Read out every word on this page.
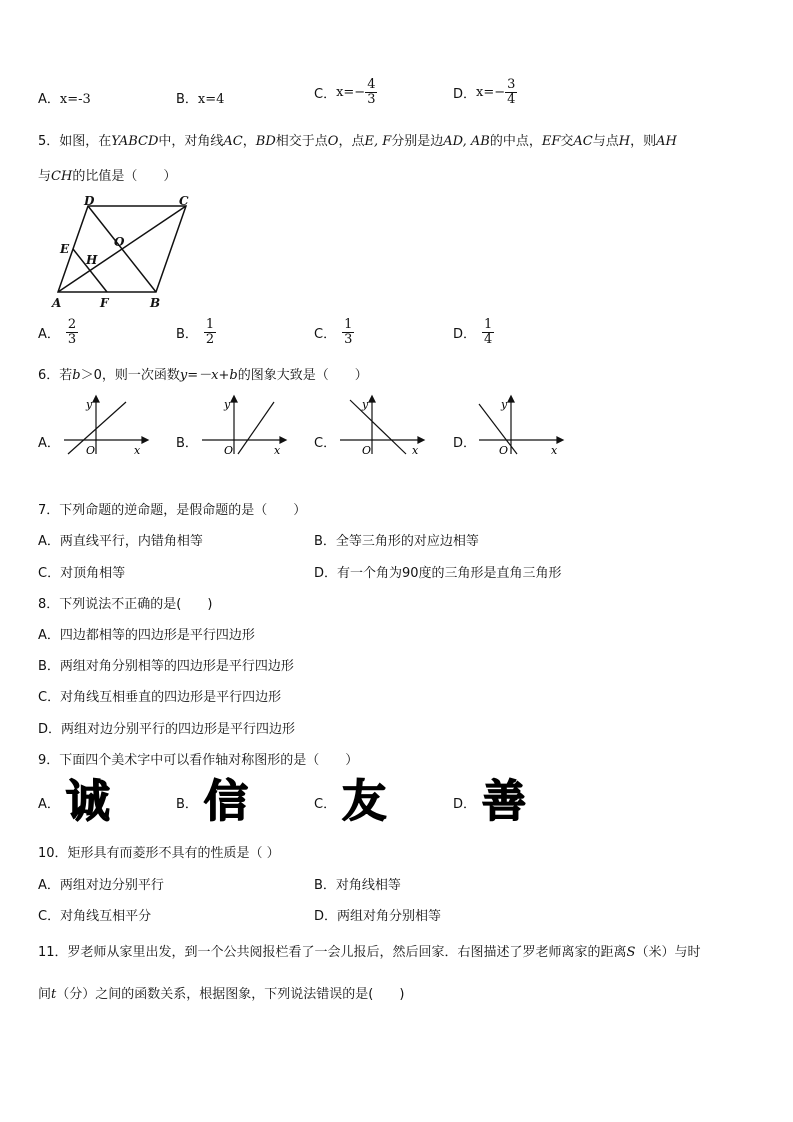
A．x=-3	B．x=4	C． $x=- \frac{4}{3}$	D． $x=- \frac{3}{4}$
5．如图，在YABCD中，对角线AC，BD相交于点O，点E, F分别是边AD, AB的中点，EF交AC与点H，则AH
与CH的比值是（　　）
D	C
E
H
O
A	F	B
A． $\frac{2}{3}$	B． $\frac{1}{2}$	C． $\frac{1}{3}$	D． $\frac{1}{4}$
6．若b＞0，则一次函数y=－x+b的图象大致是（　　）
A．
y
O	x	B．
y
O	x	C．
y
O	x	D．
y
O	x
7．下列命题的逆命题，是假命题的是（　　）
A．两直线平行，内错角相等	B．全等三角形的对应边相等
C．对顶角相等	D．有一个角为90度的三角形是直角三角形
8．下列说法不正确的是(　　)
A．四边都相等的四边形是平行四边形
B．两组对角分别相等的四边形是平行四边形
C．对角线互相垂直的四边形是平行四边形
D．两组对边分别平行的四边形是平行四边形
9．下面四个美术字中可以看作轴对称图形的是（　　）
A． 诚	B． 信	C． 友	D． 善
10．矩形具有而菱形不具有的性质是（ ）
A．两组对边分别平行	B．对角线相等
C．对角线互相平分	D．两组对角分别相等
11．罗老师从家里出发，到一个公共阅报栏看了一会儿报后，然后回家．右图描述了罗老师离家的距离S（米）与时
间t（分）之间的函数关系，根据图象，下列说法错误的是(　　)
